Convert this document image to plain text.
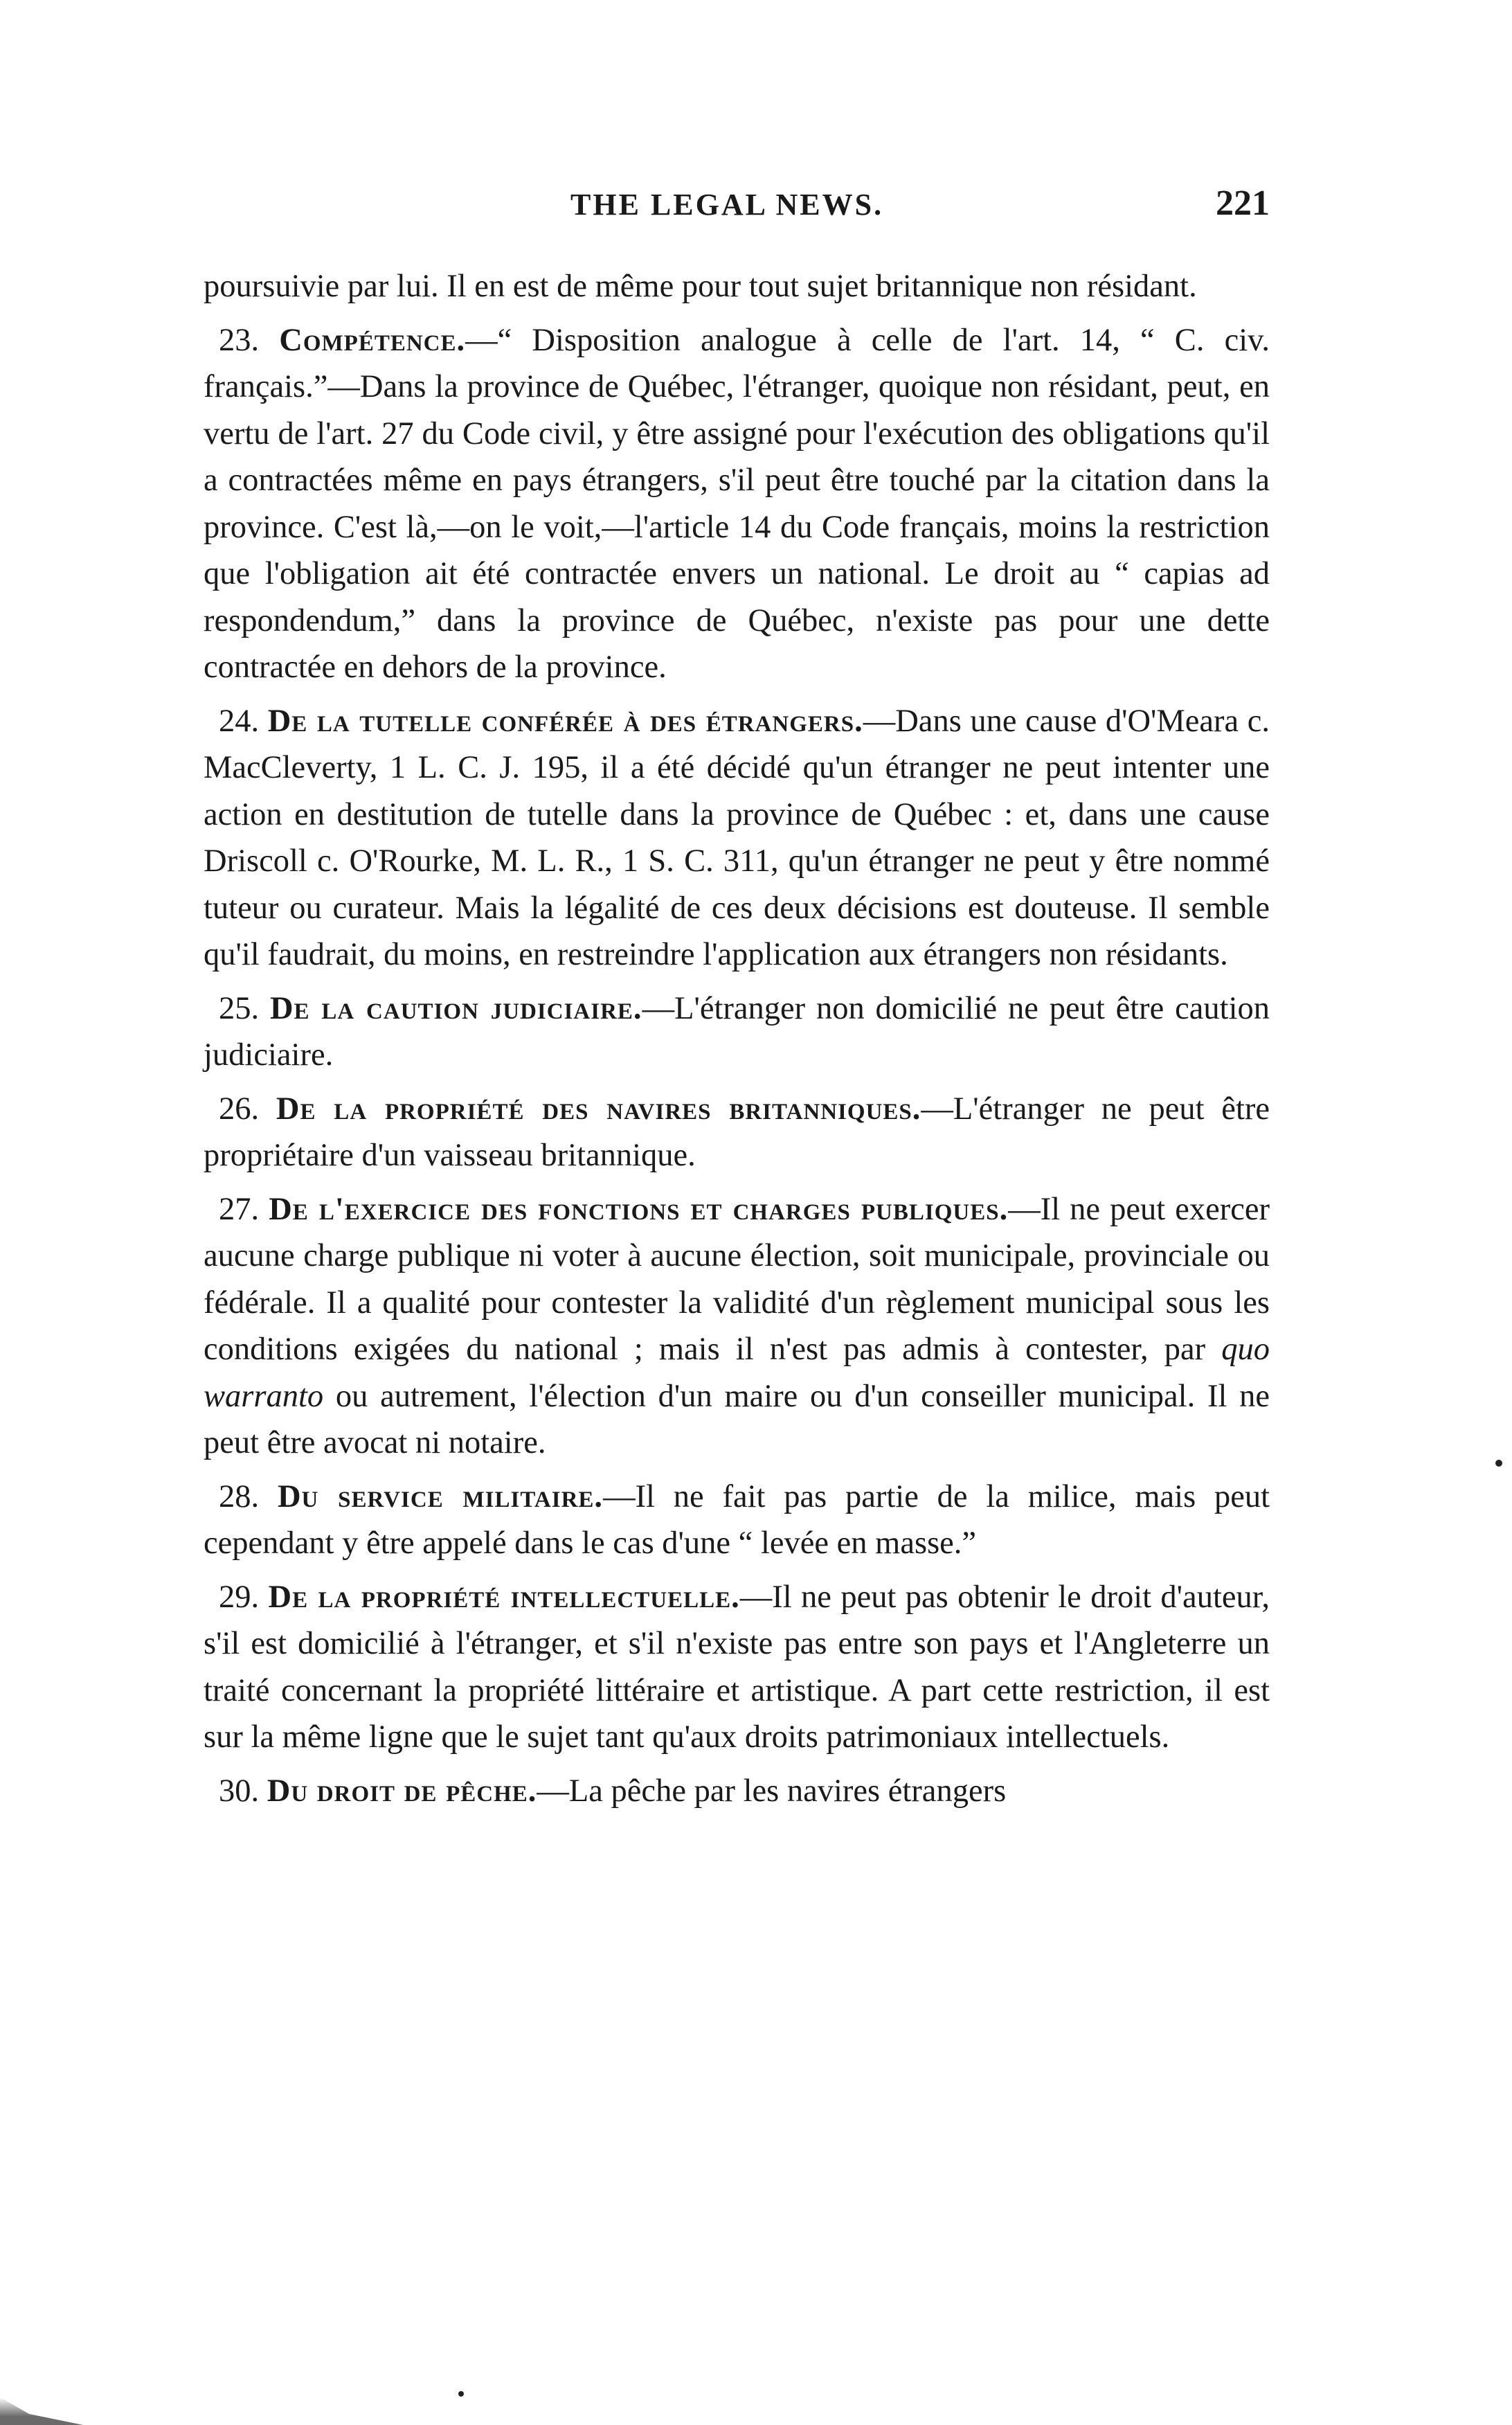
THE LEGAL NEWS.	221

poursuivie par lui. Il en est de même pour tout sujet britannique non résidant.

23. Compétence.—“ Disposition analogue à celle de l'art. 14, “ C. civ. français.”—Dans la province de Québec, l'étranger, quoique non résidant, peut, en vertu de l'art. 27 du Code civil, y être assigné pour l'exécution des obligations qu'il a contractées même en pays étrangers, s'il peut être touché par la citation dans la province. C'est là,—on le voit,—l'article 14 du Code français, moins la restriction que l'obligation ait été contractée envers un national. Le droit au “ capias ad respondendum,” dans la province de Québec, n'existe pas pour une dette contractée en dehors de la province.

24. De la tutelle conférée à des étrangers.—Dans une cause d'O'Meara c. MacCleverty, 1 L. C. J. 195, il a été décidé qu'un étranger ne peut intenter une action en destitution de tutelle dans la province de Québec : et, dans une cause Driscoll c. O'Rourke, M. L. R., 1 S. C. 311, qu'un étranger ne peut y être nommé tuteur ou curateur. Mais la légalité de ces deux décisions est douteuse. Il semble qu'il faudrait, du moins, en restreindre l'application aux étrangers non résidants.

25. De la caution judiciaire.—L'étranger non domicilié ne peut être caution judiciaire.

26. De la propriété des navires britanniques.—L'étranger ne peut être propriétaire d'un vaisseau britannique.

27. De l'exercice des fonctions et charges publiques.—Il ne peut exercer aucune charge publique ni voter à aucune élection, soit municipale, provinciale ou fédérale. Il a qualité pour contester la validité d'un règlement municipal sous les conditions exigées du national ; mais il n'est pas admis à contester, par quo warranto ou autrement, l'élection d'un maire ou d'un conseiller municipal. Il ne peut être avocat ni notaire.

28. Du service militaire.—Il ne fait pas partie de la milice, mais peut cependant y être appelé dans le cas d'une “ levée en masse.”

29. De la propriété intellectuelle.—Il ne peut pas obtenir le droit d'auteur, s'il est domicilié à l'étranger, et s'il n'existe pas entre son pays et l'Angleterre un traité concernant la propriété littéraire et artistique. A part cette restriction, il est sur la même ligne que le sujet tant qu'aux droits patrimoniaux intellectuels.

30. Du droit de pêche.—La pêche par les navires étrangers
